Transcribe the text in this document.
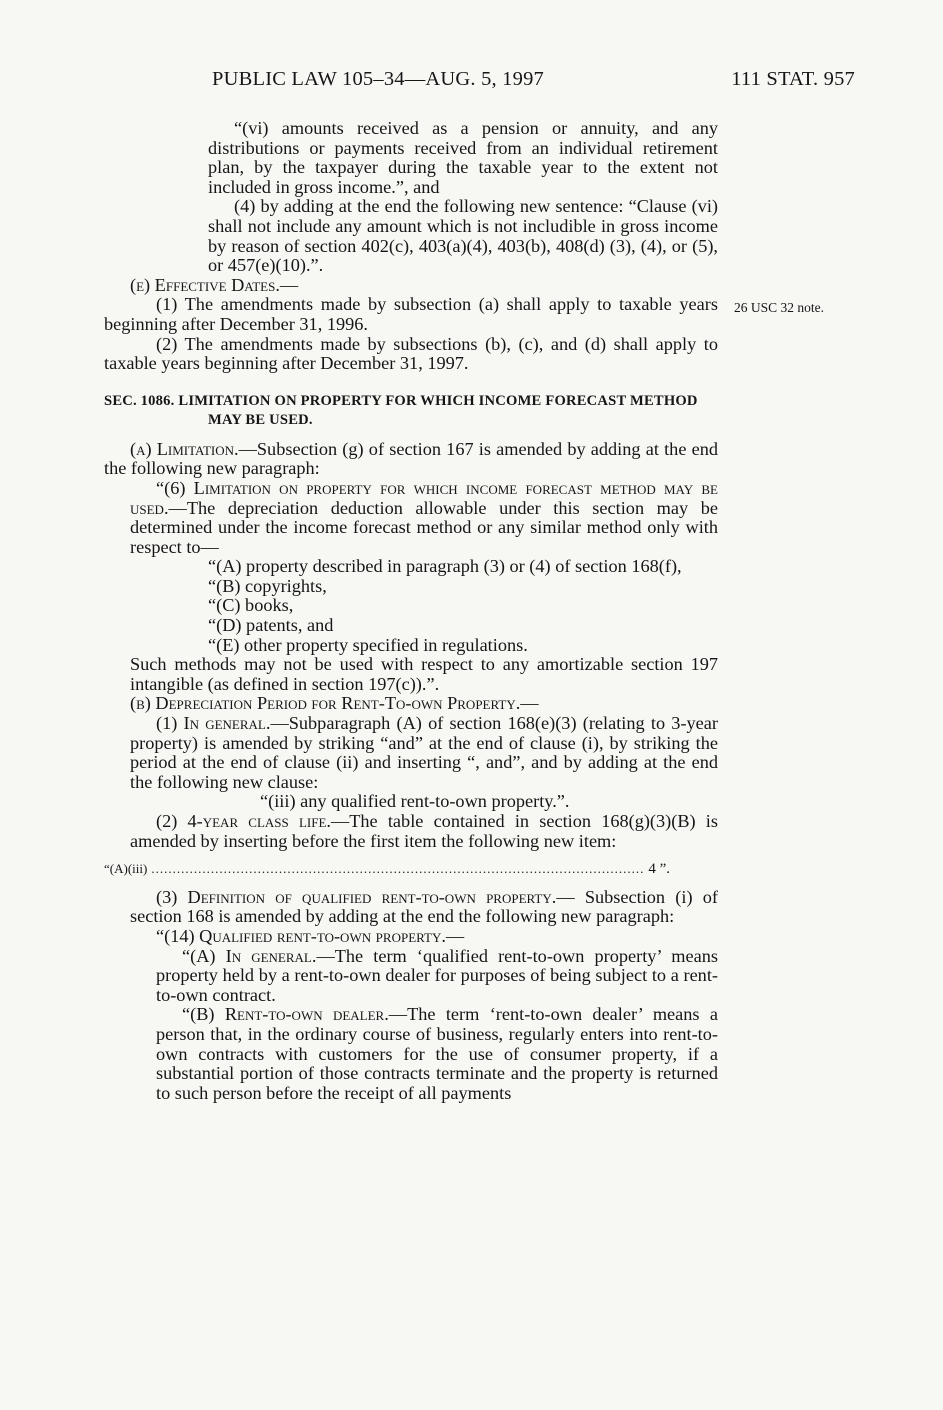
PUBLIC LAW 105–34—AUG. 5, 1997	111 STAT. 957
26 USC 32 note.

“(vi) amounts received as a pension or annuity, and any distributions or payments received from an individual retirement plan, by the taxpayer during the taxable year to the extent not included in gross income.”, and

(4) by adding at the end the following new sentence: “Clause (vi) shall not include any amount which is not includible in gross income by reason of section 402(c), 403(a)(4), 403(b), 408(d) (3), (4), or (5), or 457(e)(10).”.

(e) Effective Dates.—

(1) The amendments made by subsection (a) shall apply to taxable years beginning after December 31, 1996.

(2) The amendments made by subsections (b), (c), and (d) shall apply to taxable years beginning after December 31, 1997.

SEC. 1086. LIMITATION ON PROPERTY FOR WHICH INCOME FORECAST METHOD MAY BE USED.

(a) Limitation.—Subsection (g) of section 167 is amended by adding at the end the following new paragraph:

“(6) Limitation on property for which income forecast method may be used.—The depreciation deduction allowable under this section may be determined under the income forecast method or any similar method only with respect to—

“(A) property described in paragraph (3) or (4) of section 168(f),

“(B) copyrights,

“(C) books,

“(D) patents, and

“(E) other property specified in regulations.

Such methods may not be used with respect to any amortizable section 197 intangible (as defined in section 197(c)).”.

(b) Depreciation Period for Rent-To-own Property.—

(1) In general.—Subparagraph (A) of section 168(e)(3) (relating to 3-year property) is amended by striking “and” at the end of clause (i), by striking the period at the end of clause (ii) and inserting “, and”, and by adding at the end the following new clause:

“(iii) any qualified rent-to-own property.”.

(2) 4-year class life.—The table contained in section 168(g)(3)(B) is amended by inserting before the first item the following new item:

“(A)(iii) .....	4 ”.

(3) Definition of qualified rent-to-own property.— Subsection (i) of section 168 is amended by adding at the end the following new paragraph:

“(14) Qualified rent-to-own property.—

“(A) In general.—The term ‘qualified rent-to-own property’ means property held by a rent-to-own dealer for purposes of being subject to a rent-to-own contract.

“(B) Rent-to-own dealer.—The term ‘rent-to-own dealer’ means a person that, in the ordinary course of business, regularly enters into rent-to-own contracts with customers for the use of consumer property, if a substantial portion of those contracts terminate and the property is returned to such person before the receipt of all payments
